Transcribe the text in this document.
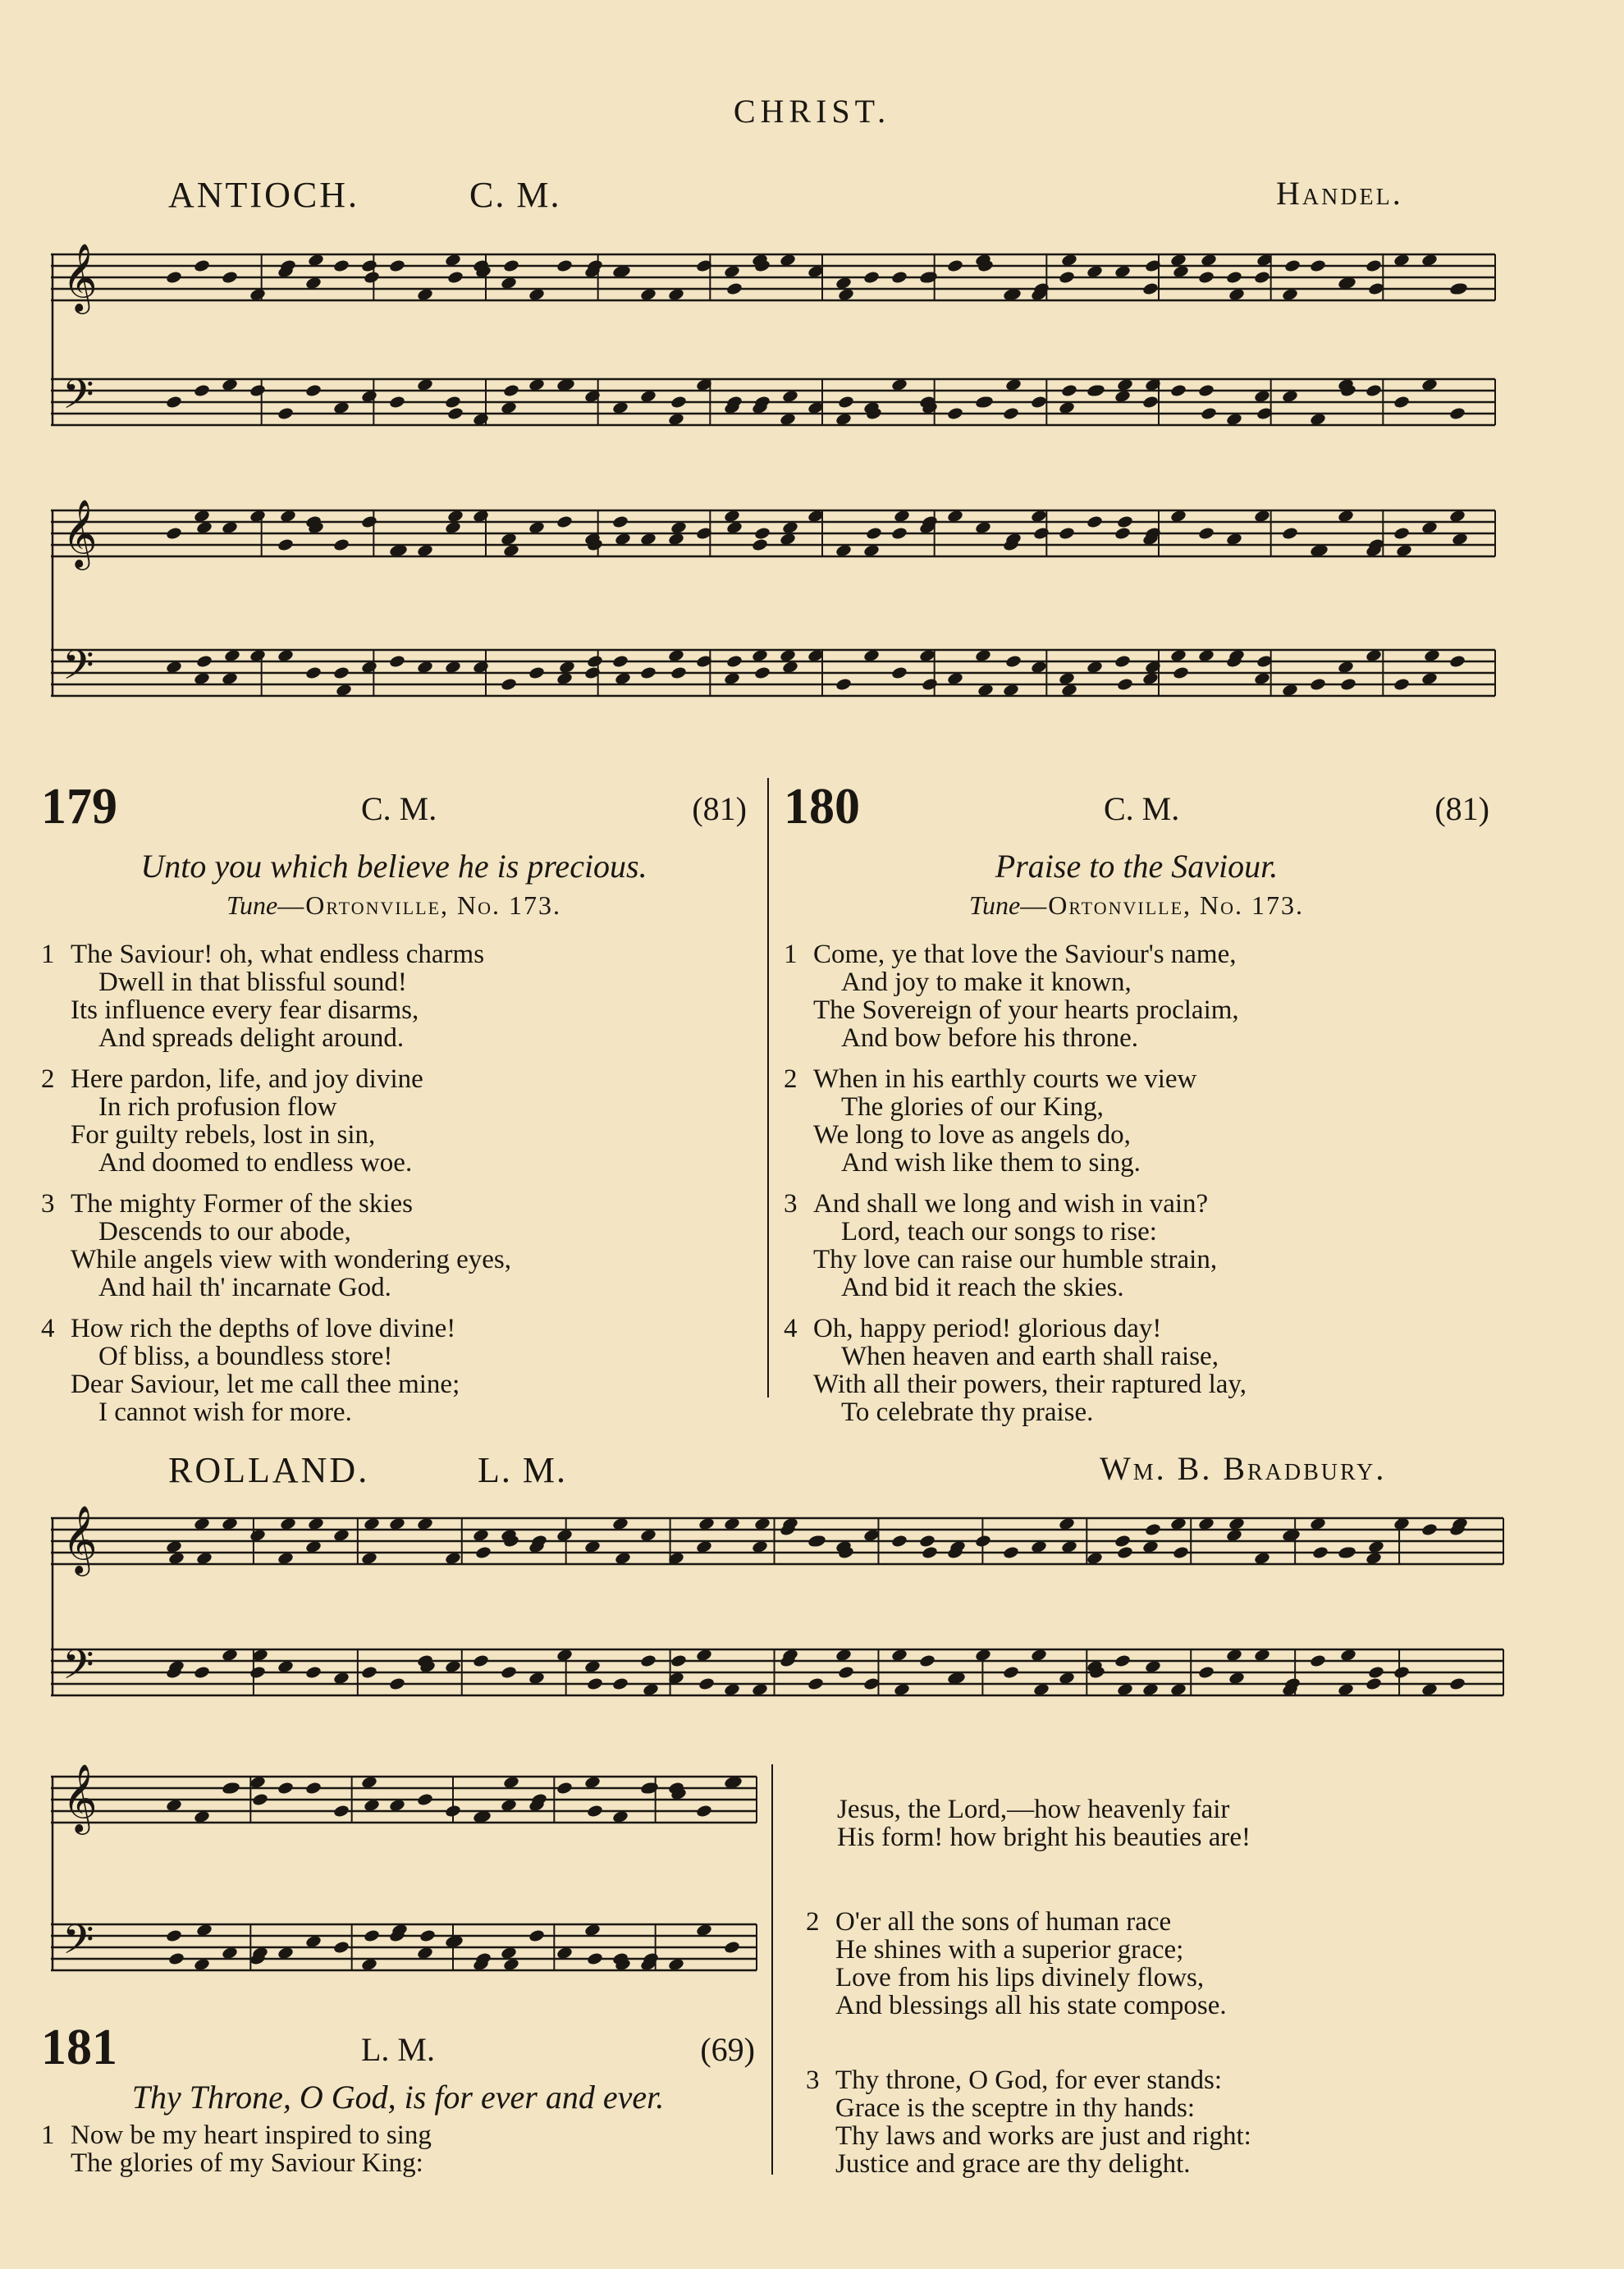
CHRIST.
ANTIOCH.	C. M.	Handel.
𝄞
𝄢
𝄞
𝄢
179	C. M.	(81)
Unto you which believe he is precious.
Tune—Ortonville, No. 173.
1 The Saviour! oh, what endless charms
Dwell in that blissful sound!
Its influence every fear disarms,
And spreads delight around.
2 Here pardon, life, and joy divine
In rich profusion flow
For guilty rebels, lost in sin,
And doomed to endless woe.
3 The mighty Former of the skies
Descends to our abode,
While angels view with wondering eyes,
And hail th' incarnate God.
4 How rich the depths of love divine!
Of bliss, a boundless store!
Dear Saviour, let me call thee mine;
I cannot wish for more.
180	C. M.	(81)
Praise to the Saviour.
Tune—Ortonville, No. 173.
1 Come, ye that love the Saviour's name,
And joy to make it known,
The Sovereign of your hearts proclaim,
And bow before his throne.
2 When in his earthly courts we view
The glories of our King,
We long to love as angels do,
And wish like them to sing.
3 And shall we long and wish in vain?
Lord, teach our songs to rise:
Thy love can raise our humble strain,
And bid it reach the skies.
4 Oh, happy period! glorious day!
When heaven and earth shall raise,
With all their powers, their raptured lay,
To celebrate thy praise.
ROLLAND.	L. M.	Wm. B. Bradbury.
𝄞
𝄢
𝄞
𝄢
181	L. M.	(69)
Thy Throne, O God, is for ever and ever.
1 Now be my heart inspired to sing
The glories of my Saviour King:
Jesus, the Lord,—how heavenly fair
His form! how bright his beauties are!
2 O'er all the sons of human race
He shines with a superior grace;
Love from his lips divinely flows,
And blessings all his state compose.
3 Thy throne, O God, for ever stands:
Grace is the sceptre in thy hands:
Thy laws and works are just and right:
Justice and grace are thy delight.
